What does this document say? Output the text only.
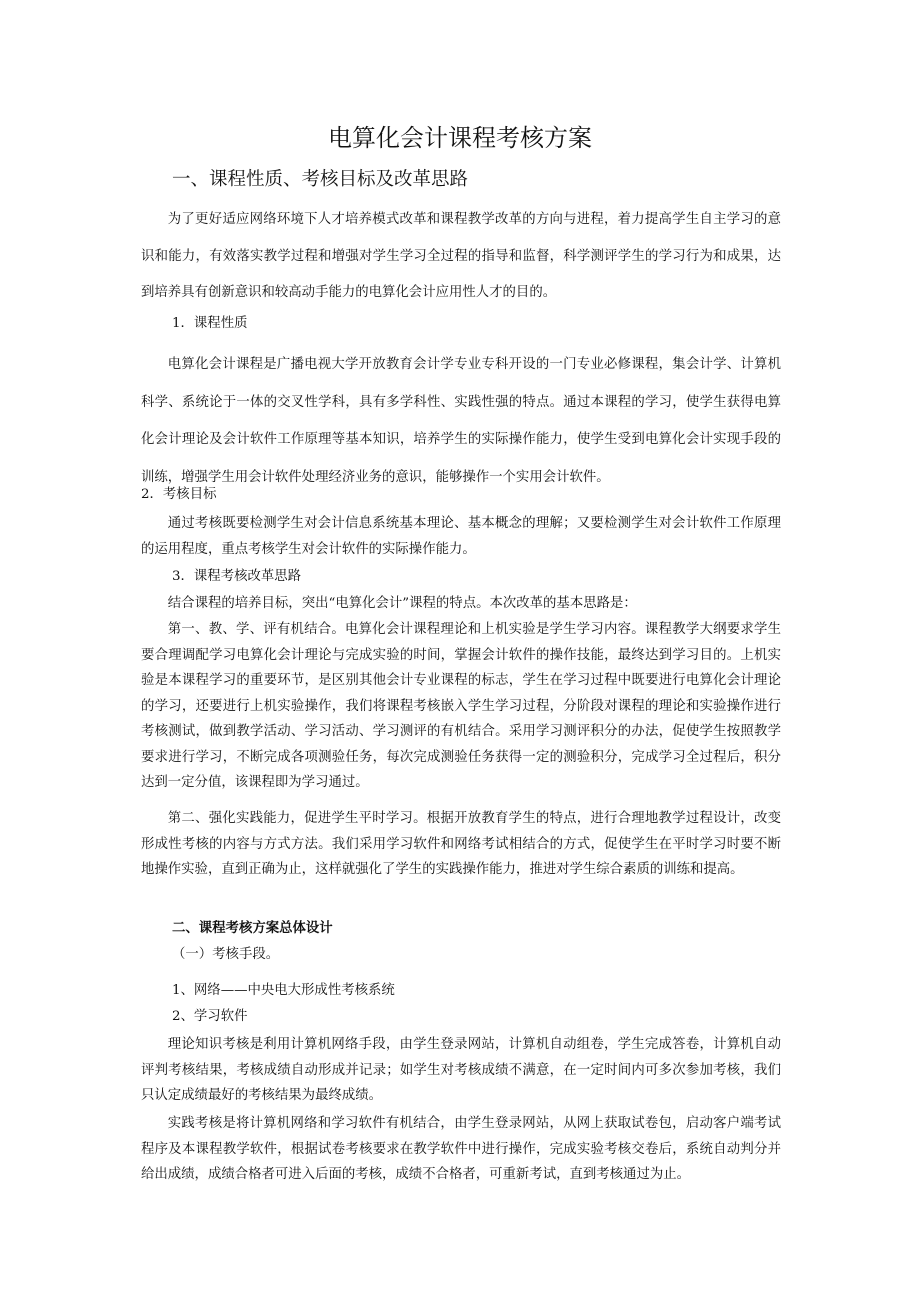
电算化会计课程考核方案
一、课程性质、考核目标及改革思路

为了更好适应网络环境下人才培养模式改革和课程教学改革的方向与进程，着力提高学生自主学习的意识和能力，有效落实教学过程和增强对学生学习全过程的指导和监督，科学测评学生的学习行为和成果，达到培养具有创新意识和较高动手能力的电算化会计应用性人才的目的。

1．课程性质

电算化会计课程是广播电视大学开放教育会计学专业专科开设的一门专业必修课程，集会计学、计算机科学、系统论于一体的交叉性学科，具有多学科性、实践性强的特点。通过本课程的学习，使学生获得电算化会计理论及会计软件工作原理等基本知识，培养学生的实际操作能力，使学生受到电算化会计实现手段的训练，增强学生用会计软件处理经济业务的意识，能够操作一个实用会计软件。

2．考核目标

通过考核既要检测学生对会计信息系统基本理论、基本概念的理解；又要检测学生对会计软件工作原理的运用程度，重点考核学生对会计软件的实际操作能力。

3．课程考核改革思路

结合课程的培养目标，突出“电算化会计”课程的特点。本次改革的基本思路是：

第一、教、学、评有机结合。电算化会计课程理论和上机实验是学生学习内容。课程教学大纲要求学生要合理调配学习电算化会计理论与完成实验的时间，掌握会计软件的操作技能，最终达到学习目的。上机实验是本课程学习的重要环节，是区别其他会计专业课程的标志，学生在学习过程中既要进行电算化会计理论的学习，还要进行上机实验操作，我们将课程考核嵌入学生学习过程，分阶段对课程的理论和实验操作进行考核测试，做到教学活动、学习活动、学习测评的有机结合。采用学习测评积分的办法，促使学生按照教学要求进行学习，不断完成各项测验任务，每次完成测验任务获得一定的测验积分，完成学习全过程后，积分达到一定分值，该课程即为学习通过。

第二、强化实践能力，促进学生平时学习。根据开放教育学生的特点，进行合理地教学过程设计，改变形成性考核的内容与方式方法。我们采用学习软件和网络考试相结合的方式，促使学生在平时学习时要不断地操作实验，直到正确为止，这样就强化了学生的实践操作能力，推进对学生综合素质的训练和提高。

二、课程考核方案总体设计

（一）考核手段。

1、网络——中央电大形成性考核系统

2、学习软件

理论知识考核是利用计算机网络手段，由学生登录网站，计算机自动组卷，学生完成答卷，计算机自动评判考核结果，考核成绩自动形成并记录；如学生对考核成绩不满意，在一定时间内可多次参加考核，我们只认定成绩最好的考核结果为最终成绩。

实践考核是将计算机网络和学习软件有机结合，由学生登录网站，从网上获取试卷包，启动客户端考试程序及本课程教学软件，根据试卷考核要求在教学软件中进行操作，完成实验考核交卷后，系统自动判分并给出成绩，成绩合格者可进入后面的考核，成绩不合格者，可重新考试，直到考核通过为止。
